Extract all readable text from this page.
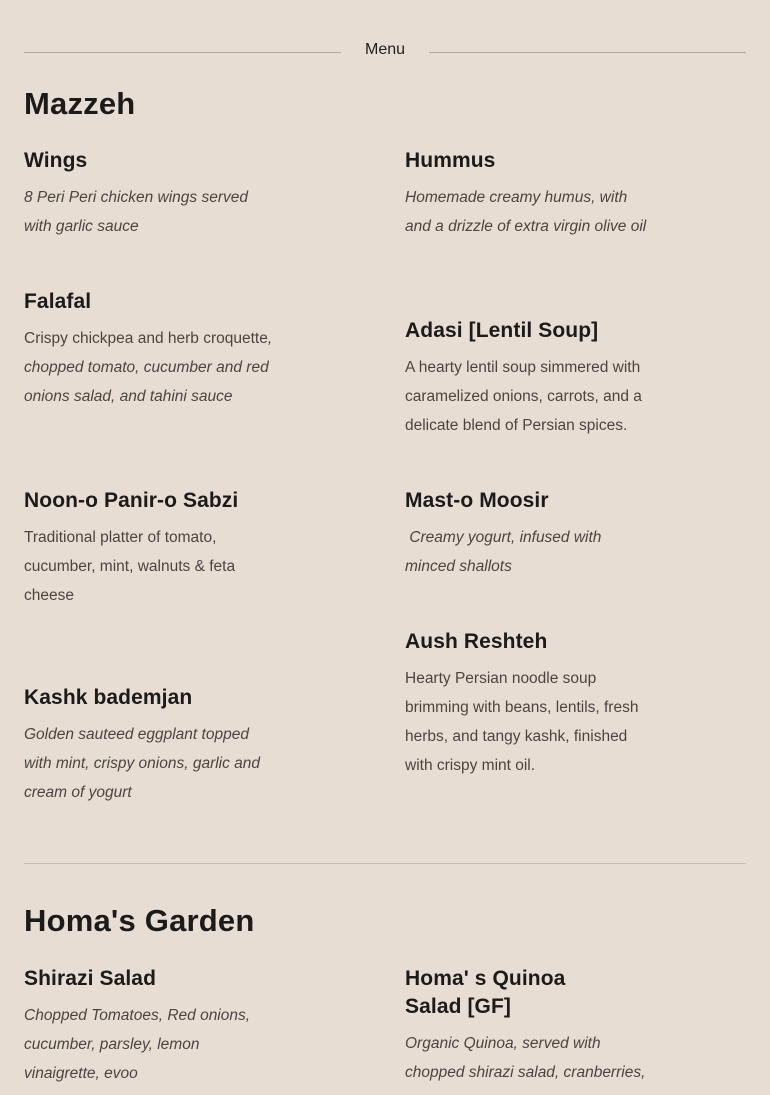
Menu
Mazzeh
Wings

8 Peri Peri chicken wings served with garlic sauce

Hummus

Homemade creamy humus, with and a drizzle of extra virgin olive oil

Falafal

Crispy chickpea and herb croquette, chopped tomato, cucumber and red onions salad, and tahini sauce

Adasi [Lentil Soup]

A hearty lentil soup simmered with caramelized onions, carrots, and a delicate blend of Persian spices.

Noon-o Panir-o Sabzi

Traditional platter of tomato, cucumber, mint, walnuts & feta cheese

Mast-o Moosir

Creamy yogurt, infused with minced shallots

Kashk bademjan

Golden sauteed eggplant topped with mint, crispy onions, garlic and cream of yogurt

Aush Reshteh

Hearty Persian noodle soup brimming with beans, lentils, fresh herbs, and tangy kashk, finished with crispy mint oil.

Homa's Garden
Shirazi Salad

Chopped Tomatoes, Red onions, cucumber, parsley, lemon vinaigrette, evoo

Homa' s Quinoa Salad [GF]

Organic Quinoa, served with chopped shirazi salad, cranberries,
